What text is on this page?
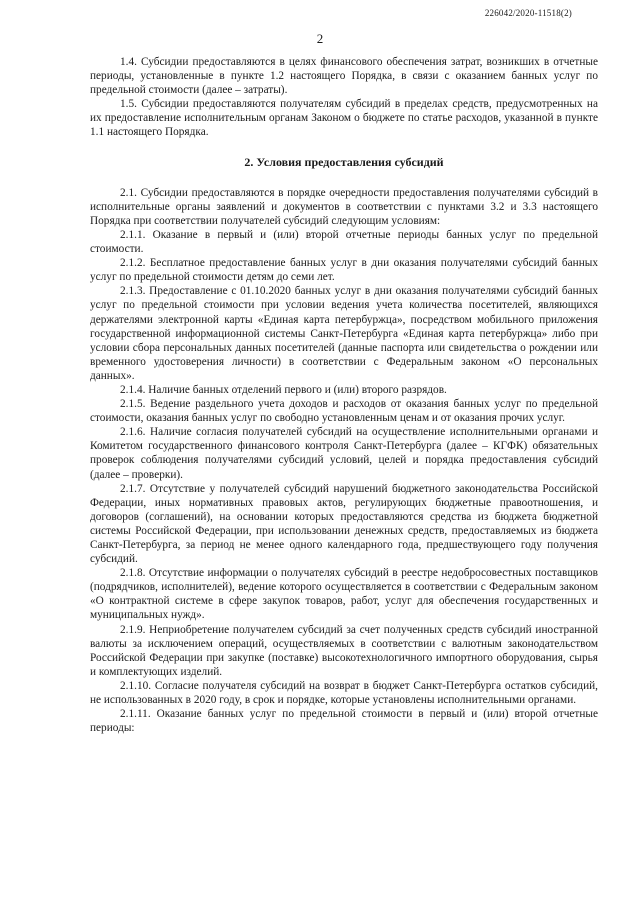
226042/2020-11518(2)
2

1.4. Субсидии предоставляются в целях финансового обеспечения затрат, возникших в отчетные периоды, установленные в пункте 1.2 настоящего Порядка, в связи с оказанием банных услуг по предельной стоимости (далее – затраты).

1.5. Субсидии предоставляются получателям субсидий в пределах средств, предусмотренных на их предоставление исполнительным органам Законом о бюджете по статье расходов, указанной в пункте 1.1 настоящего Порядка.

2. Условия предоставления субсидий

2.1. Субсидии предоставляются в порядке очередности предоставления получателями субсидий в исполнительные органы заявлений и документов в соответствии с пунктами 3.2 и 3.3 настоящего Порядка при соответствии получателей субсидий следующим условиям:

2.1.1. Оказание в первый и (или) второй отчетные периоды банных услуг по предельной стоимости.

2.1.2. Бесплатное предоставление банных услуг в дни оказания получателями субсидий банных услуг по предельной стоимости детям до семи лет.

2.1.3. Предоставление с 01.10.2020 банных услуг в дни оказания получателями субсидий банных услуг по предельной стоимости при условии ведения учета количества посетителей, являющихся держателями электронной карты «Единая карта петербуржца», посредством мобильного приложения государственной информационной системы Санкт-Петербурга «Единая карта петербуржца» либо при условии сбора персональных данных посетителей (данные паспорта или свидетельства о рождении или временного удостоверения личности) в соответствии с Федеральным законом «О персональных данных».

2.1.4. Наличие банных отделений первого и (или) второго разрядов.

2.1.5. Ведение раздельного учета доходов и расходов от оказания банных услуг по предельной стоимости, оказания банных услуг по свободно установленным ценам и от оказания прочих услуг.

2.1.6. Наличие согласия получателей субсидий на осуществление исполнительными органами и Комитетом государственного финансового контроля Санкт-Петербурга (далее – КГФК) обязательных проверок соблюдения получателями субсидий условий, целей и порядка предоставления субсидий (далее – проверки).

2.1.7. Отсутствие у получателей субсидий нарушений бюджетного законодательства Российской Федерации, иных нормативных правовых актов, регулирующих бюджетные правоотношения, и договоров (соглашений), на основании которых предоставляются средства из бюджета бюджетной системы Российской Федерации, при использовании денежных средств, предоставляемых из бюджета Санкт-Петербурга, за период не менее одного календарного года, предшествующего году получения субсидий.

2.1.8. Отсутствие информации о получателях субсидий в реестре недобросовестных поставщиков (подрядчиков, исполнителей), ведение которого осуществляется в соответствии с Федеральным законом «О контрактной системе в сфере закупок товаров, работ, услуг для обеспечения государственных и муниципальных нужд».

2.1.9. Неприобретение получателем субсидий за счет полученных средств субсидий иностранной валюты за исключением операций, осуществляемых в соответствии с валютным законодательством Российской Федерации при закупке (поставке) высокотехнологичного импортного оборудования, сырья и комплектующих изделий.

2.1.10. Согласие получателя субсидий на возврат в бюджет Санкт-Петербурга остатков субсидий, не использованных в 2020 году, в срок и порядке, которые установлены исполнительными органами.

2.1.11. Оказание банных услуг по предельной стоимости в первый и (или) второй отчетные периоды:
